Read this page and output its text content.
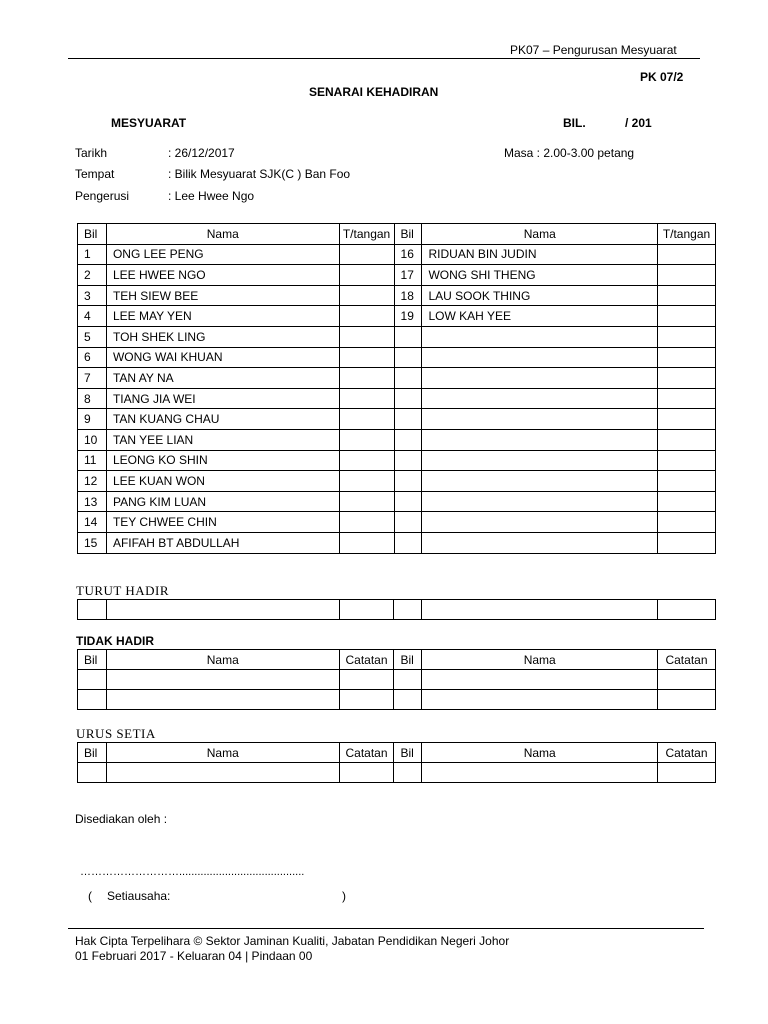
PK07 – Pengurusan Mesyuarat
PK 07/2
SENARAI KEHADIRAN
MESYUARAT	BIL.	/ 201
Tarikh	: 26/12/2017	Masa : 2.00-3.00 petang
Tempat	: Bilik Mesyuarat SJK(C ) Ban Foo
Pengerusi	: Lee Hwee Ngo
Bil	Nama	T/tangan	Bil	Nama	T/tangan
1	ONG LEE PENG		16	RIDUAN BIN JUDIN	
2	LEE HWEE NGO		17	WONG SHI THENG	
3	TEH SIEW BEE		18	LAU SOOK THING	
4	LEE MAY YEN		19	LOW KAH YEE	
5	TOH SHEK LING				
6	WONG WAI KHUAN				
7	TAN AY NA				
8	TIANG JIA WEI				
9	TAN KUANG CHAU				
10	TAN YEE LIAN				
11	LEONG KO SHIN				
12	LEE KUAN WON				
13	PANG KIM LUAN				
14	TEY CHWEE CHIN				
15	AFIFAH BT ABDULLAH				
TURUT HADIR

TIDAK HADIR
Bil	Nama	Catatan	Bil	Nama	Catatan

URUS SETIA
Bil	Nama	Catatan	Bil	Nama	Catatan

Disediakan oleh :
……………………….........................................
( Setiausaha:	)
Hak Cipta Terpelihara © Sektor Jaminan Kualiti, Jabatan Pendidikan Negeri Johor
01 Februari 2017 - Keluaran 04 | Pindaan 00
